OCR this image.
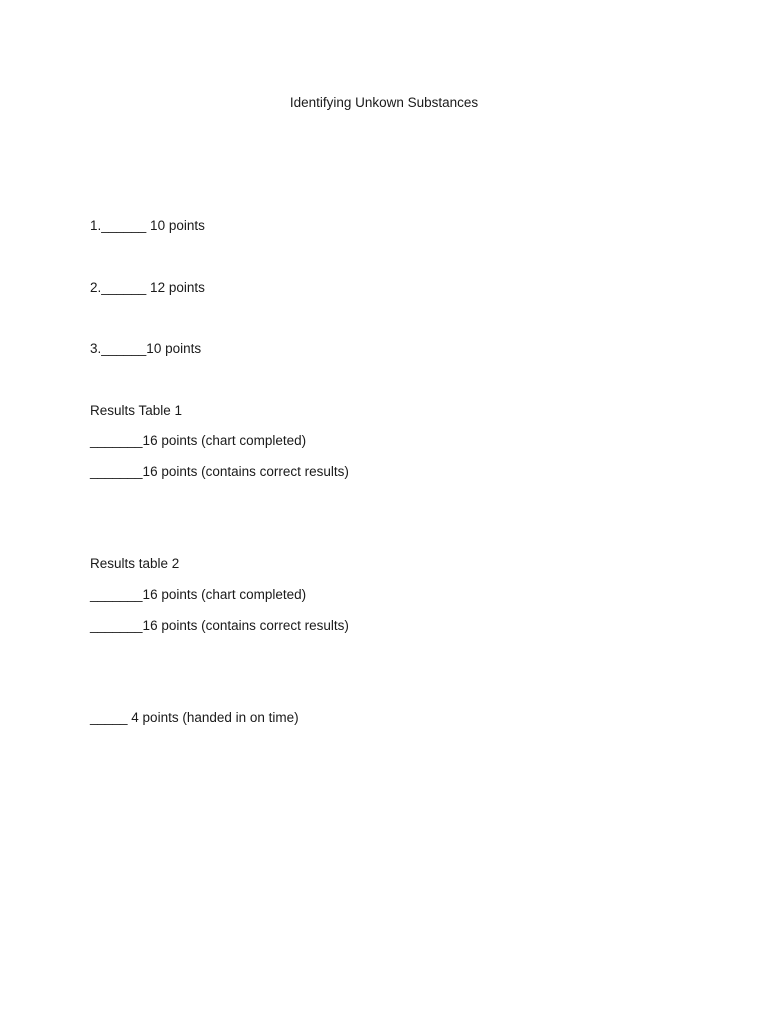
Identifying Unkown Substances

1.______ 10 points

2.______ 12 points

3.______10 points

Results Table 1

_______16 points (chart completed)

_______16 points (contains correct results)

Results table 2

_______16 points (chart completed)

_______16 points (contains correct results)

_____ 4 points (handed in on time)
